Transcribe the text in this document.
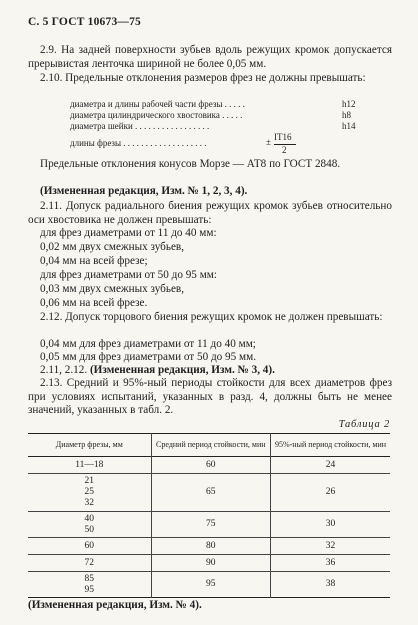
С. 5 ГОСТ 10673—75
2.9. На задней поверхности зубьев вдоль режущих кромок допускается прерывистая ленточка шириной не более 0,05 мм.
2.10. Предельные отклонения размеров фрез не должны превышать:
диаметра и длины рабочей части фрезы . . . . .	h12
диаметра цилиндрического хвостовика . . . . .	h8
диаметра шейки . . . . . . . . . . . . . . . . .	h14
длины фрезы . . . . . . . . . . . . . . . . . . .	± IT16
2
Предельные отклонения конусов Морзе — АТ8 по ГОСТ 2848.
(Измененная редакция, Изм. № 1, 2, 3, 4).
2.11. Допуск радиального биения режущих кромок зубьев относительно оси хвостовика не должен превышать:
для фрез диаметрами от 11 до 40 мм:
0,02 мм двух смежных зубьев,
0,04 мм на всей фрезе;
для фрез диаметрами от 50 до 95 мм:
0,03 мм двух смежных зубьев,
0,06 мм на всей фрезе.
2.12. Допуск торцового биения режущих кромок не должен превышать:
0,04 мм для фрез диаметрами от 11 до 40 мм;
0,05 мм для фрез диаметрами от 50 до 95 мм.
2.11, 2.12. (Измененная редакция, Изм. № 3, 4).
2.13. Средний и 95%-ный периоды стойкости для всех диаметров фрез при условиях испытаний, указанных в разд. 4, должны быть не менее значений, указанных в табл. 2.
Таблица 2
Диаметр фрезы, мм	Средний период стойкости, мин	95%-ный период стойкости, мин
11—18	60	24
21
25
32	65	26
40
50	75	30
60	80	32
72	90	36
85
95	95	38
(Измененная редакция, Изм. № 4).
